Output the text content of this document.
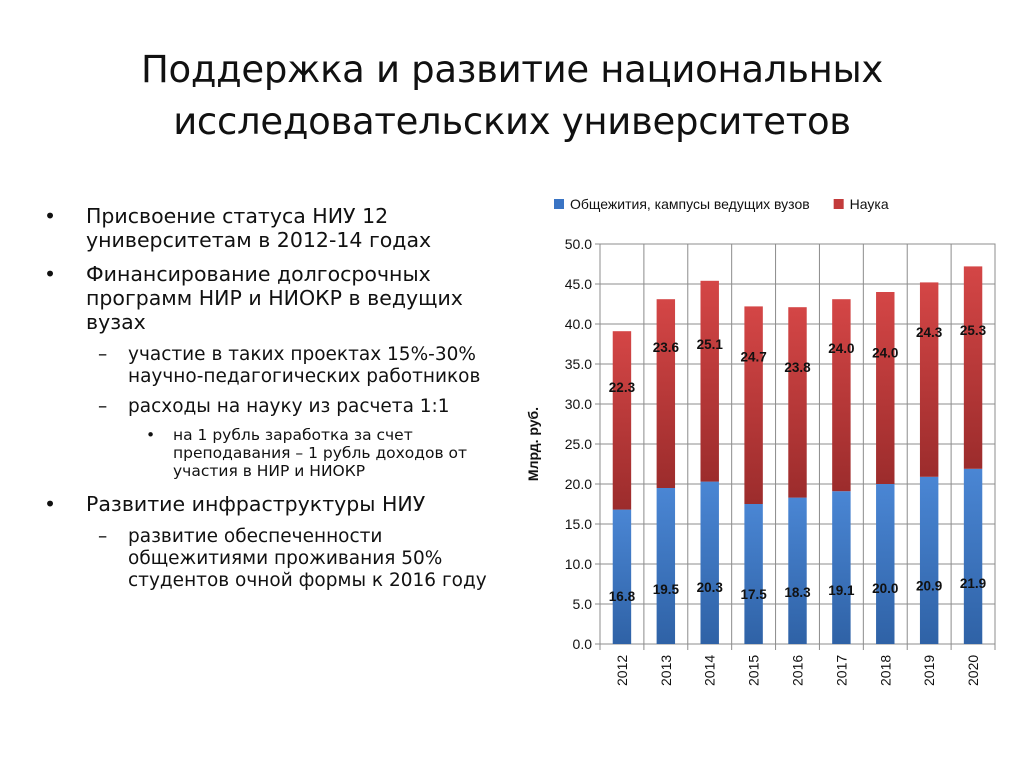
Поддержка и развитие национальных
исследовательских университетов
• Присвоение статуса НИУ 12 университетам в 2012-14 годах
• Финансирование долгосрочных программ НИР и НИОКР в ведущих вузах
– участие в таких проектах 15%-30% научно-педагогических работников
– расходы на науку из расчета 1:1
• на 1 рубль заработка за счет преподавания – 1 рубль доходов от участия в НИР и НИОКР
• Развитие инфраструктуры НИУ
– развитие обеспеченности общежитиями проживания 50% студентов очной формы к 2016 году
Общежития, кампусы ведущих вузов	Наука
16.8
22.3
19.5
23.6
20.3
25.1
17.5
24.7
18.3
23.8
19.1
24.0
20.0
24.0
20.9
24.3
21.9
25.3
0.0
5.0
10.0
15.0
20.0
25.0
30.0
35.0
40.0
45.0
50.0
Млрд. руб.
2012 2013 2014 2015 2016 2017 2018 2019 2020
